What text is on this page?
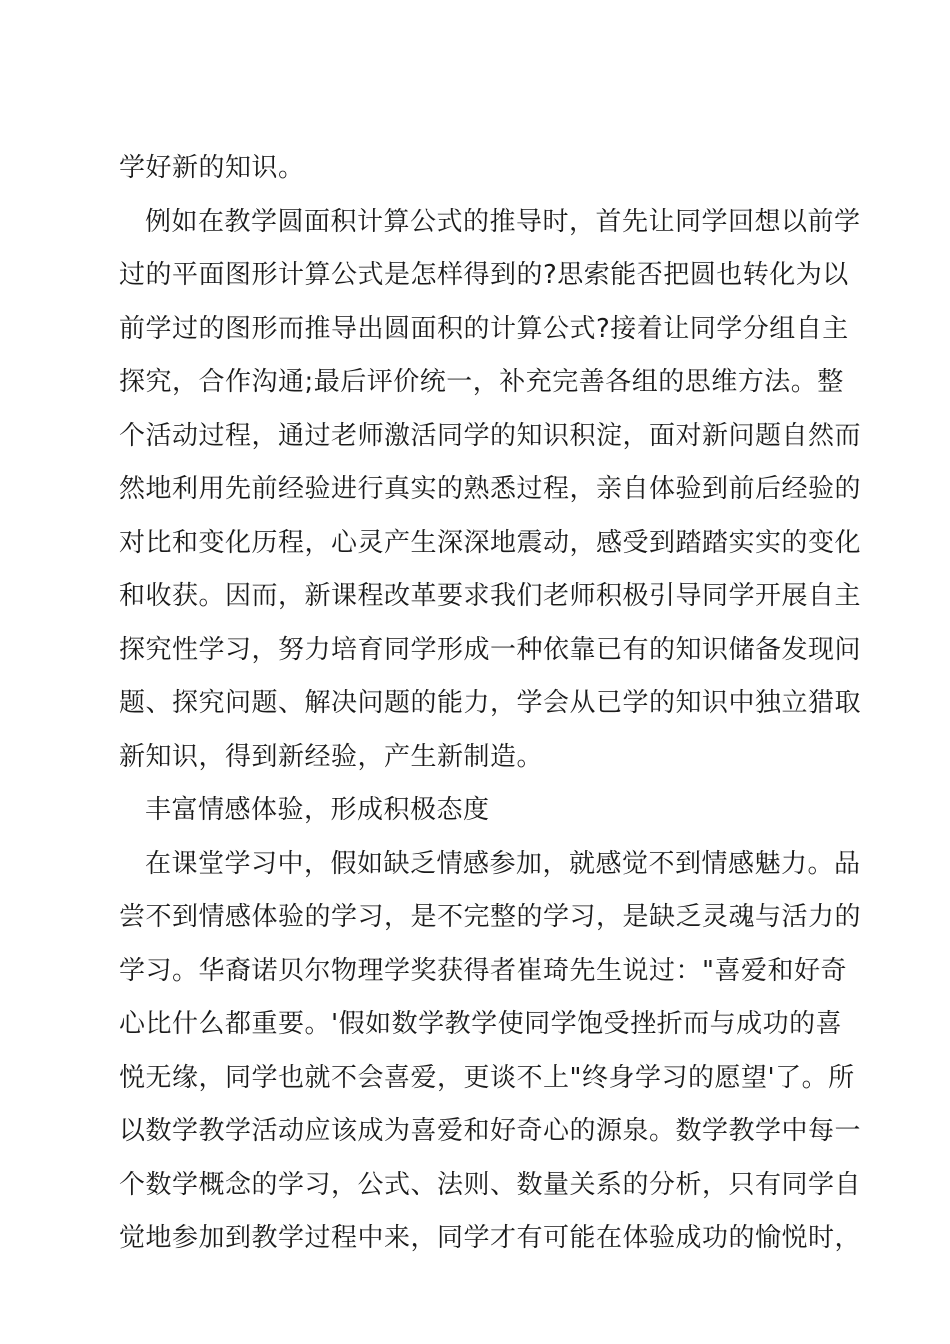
学好新的知识。
例如在教学圆面积计算公式的推导时，首先让同学回想以前学
过的平面图形计算公式是怎样得到的?思索能否把圆也转化为以
前学过的图形而推导出圆面积的计算公式?接着让同学分组自主
探究，合作沟通;最后评价统一，补充完善各组的思维方法。整
个活动过程，通过老师激活同学的知识积淀，面对新问题自然而
然地利用先前经验进行真实的熟悉过程，亲自体验到前后经验的
对比和变化历程，心灵产生深深地震动，感受到踏踏实实的变化
和收获。因而，新课程改革要求我们老师积极引导同学开展自主
探究性学习，努力培育同学形成一种依靠已有的知识储备发现问
题、探究问题、解决问题的能力，学会从已学的知识中独立猎取
新知识，得到新经验，产生新制造。
丰富情感体验，形成积极态度
在课堂学习中，假如缺乏情感参加，就感觉不到情感魅力。品
尝不到情感体验的学习，是不完整的学习，是缺乏灵魂与活力的
学习。华裔诺贝尔物理学奖获得者崔琦先生说过："喜爱和好奇
心比什么都重要。'假如数学教学使同学饱受挫折而与成功的喜
悦无缘，同学也就不会喜爱，更谈不上"终身学习的愿望'了。所
以数学教学活动应该成为喜爱和好奇心的源泉。数学教学中每一
个数学概念的学习，公式、法则、数量关系的分析，只有同学自
觉地参加到教学过程中来，同学才有可能在体验成功的愉悦时，
